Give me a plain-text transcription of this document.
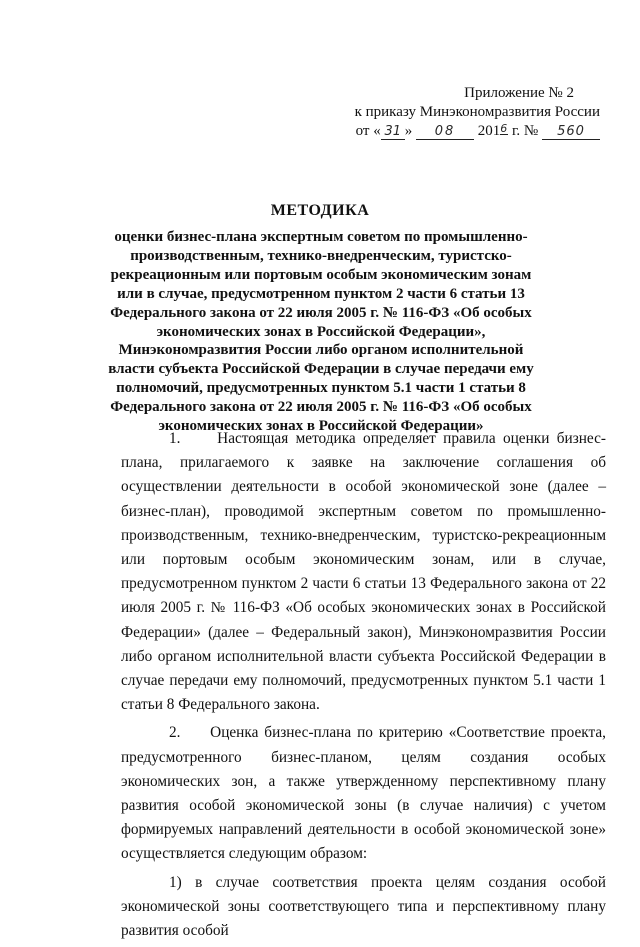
Приложение № 2
к приказу Минэкономразвития России
от « 31 » 08 201 6 г. № 560
МЕТОДИКА
оценки бизнес-плана экспертным советом по промышленно-производственным, технико-внедренческим, туристско-рекреационным или портовым особым экономическим зонам или в случае, предусмотренном пунктом 2 части 6 статьи 13 Федерального закона от 22 июля 2005 г. № 116-ФЗ «Об особых экономических зонах в Российской Федерации», Минэкономразвития России либо органом исполнительной власти субъекта Российской Федерации в случае передачи ему полномочий, предусмотренных пунктом 5.1 части 1 статьи 8 Федерального закона от 22 июля 2005 г. № 116-ФЗ «Об особых экономических зонах в Российской Федерации»

1.     Настоящая методика определяет правила оценки бизнес-плана, прилагаемого к заявке на заключение соглашения об осуществлении деятельности в особой экономической зоне (далее – бизнес-план), проводимой экспертным советом по промышленно-производственным, технико-внедренческим, туристско-рекреационным или портовым особым экономическим зонам, или в случае, предусмотренном пунктом 2 части 6 статьи 13 Федерального закона от 22 июля 2005 г. № 116-ФЗ «Об особых экономических зонах в Российской Федерации» (далее – Федеральный закон), Минэкономразвития России либо органом исполнительной власти субъекта Российской Федерации в случае передачи ему полномочий, предусмотренных пунктом 5.1 части 1 статьи 8 Федерального закона.

2.     Оценка бизнес-плана по критерию «Соответствие проекта, предусмотренного бизнес-планом, целям создания особых экономических зон, а также утвержденному перспективному плану развития особой экономической зоны (в случае наличия) с учетом формируемых направлений деятельности в особой экономической зоне» осуществляется следующим образом:

1) в случае соответствия проекта целям создания особой экономической зоны соответствующего типа и перспективному плану развития особой
